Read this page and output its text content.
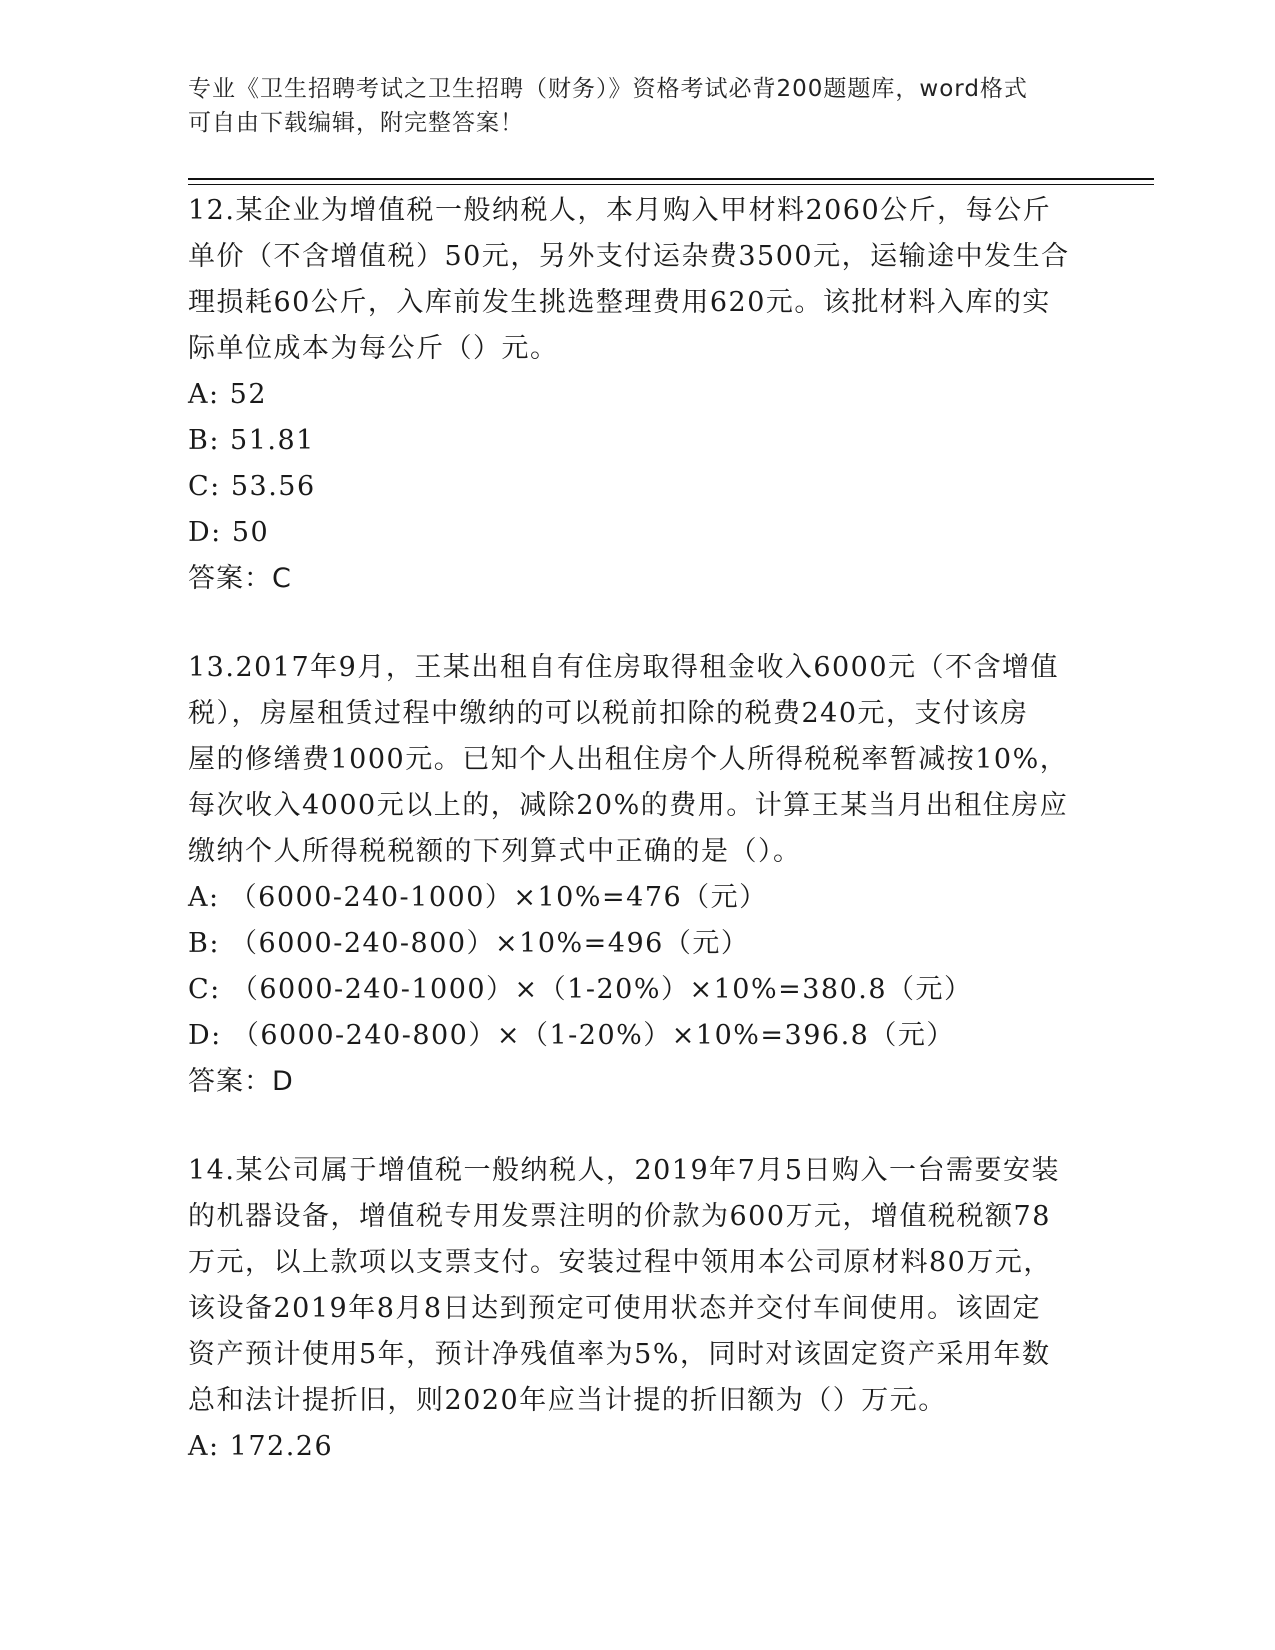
专业《卫生招聘考试之卫生招聘（财务）》资格考试必背200题题库，word格式
可自由下载编辑，附完整答案！
12.某企业为增值税一般纳税人，本月购入甲材料2060公斤，每公斤
单价（不含增值税）50元，另外支付运杂费3500元，运输途中发生合
理损耗60公斤，入库前发生挑选整理费用620元。该批材料入库的实
际单位成本为每公斤（）元。
A: 52
B: 51.81
C: 53.56
D: 50
答案：C
13.2017年9月，王某出租自有住房取得租金收入6000元（不含增值
税），房屋租赁过程中缴纳的可以税前扣除的税费240元，支付该房
屋的修缮费1000元。已知个人出租住房个人所得税税率暂减按10%，
每次收入4000元以上的，减除20%的费用。计算王某当月出租住房应
缴纳个人所得税税额的下列算式中正确的是（）。
A: （6000-240-1000）×10%=476（元）
B: （6000-240-800）×10%=496（元）
C: （6000-240-1000）×（1-20%）×10%=380.8（元）
D: （6000-240-800）×（1-20%）×10%=396.8（元）
答案：D
14.某公司属于增值税一般纳税人，2019年7月5日购入一台需要安装
的机器设备，增值税专用发票注明的价款为600万元，增值税税额78
万元，以上款项以支票支付。安装过程中领用本公司原材料80万元，
该设备2019年8月8日达到预定可使用状态并交付车间使用。该固定
资产预计使用5年，预计净残值率为5%，同时对该固定资产采用年数
总和法计提折旧，则2020年应当计提的折旧额为（）万元。
A: 172.26
